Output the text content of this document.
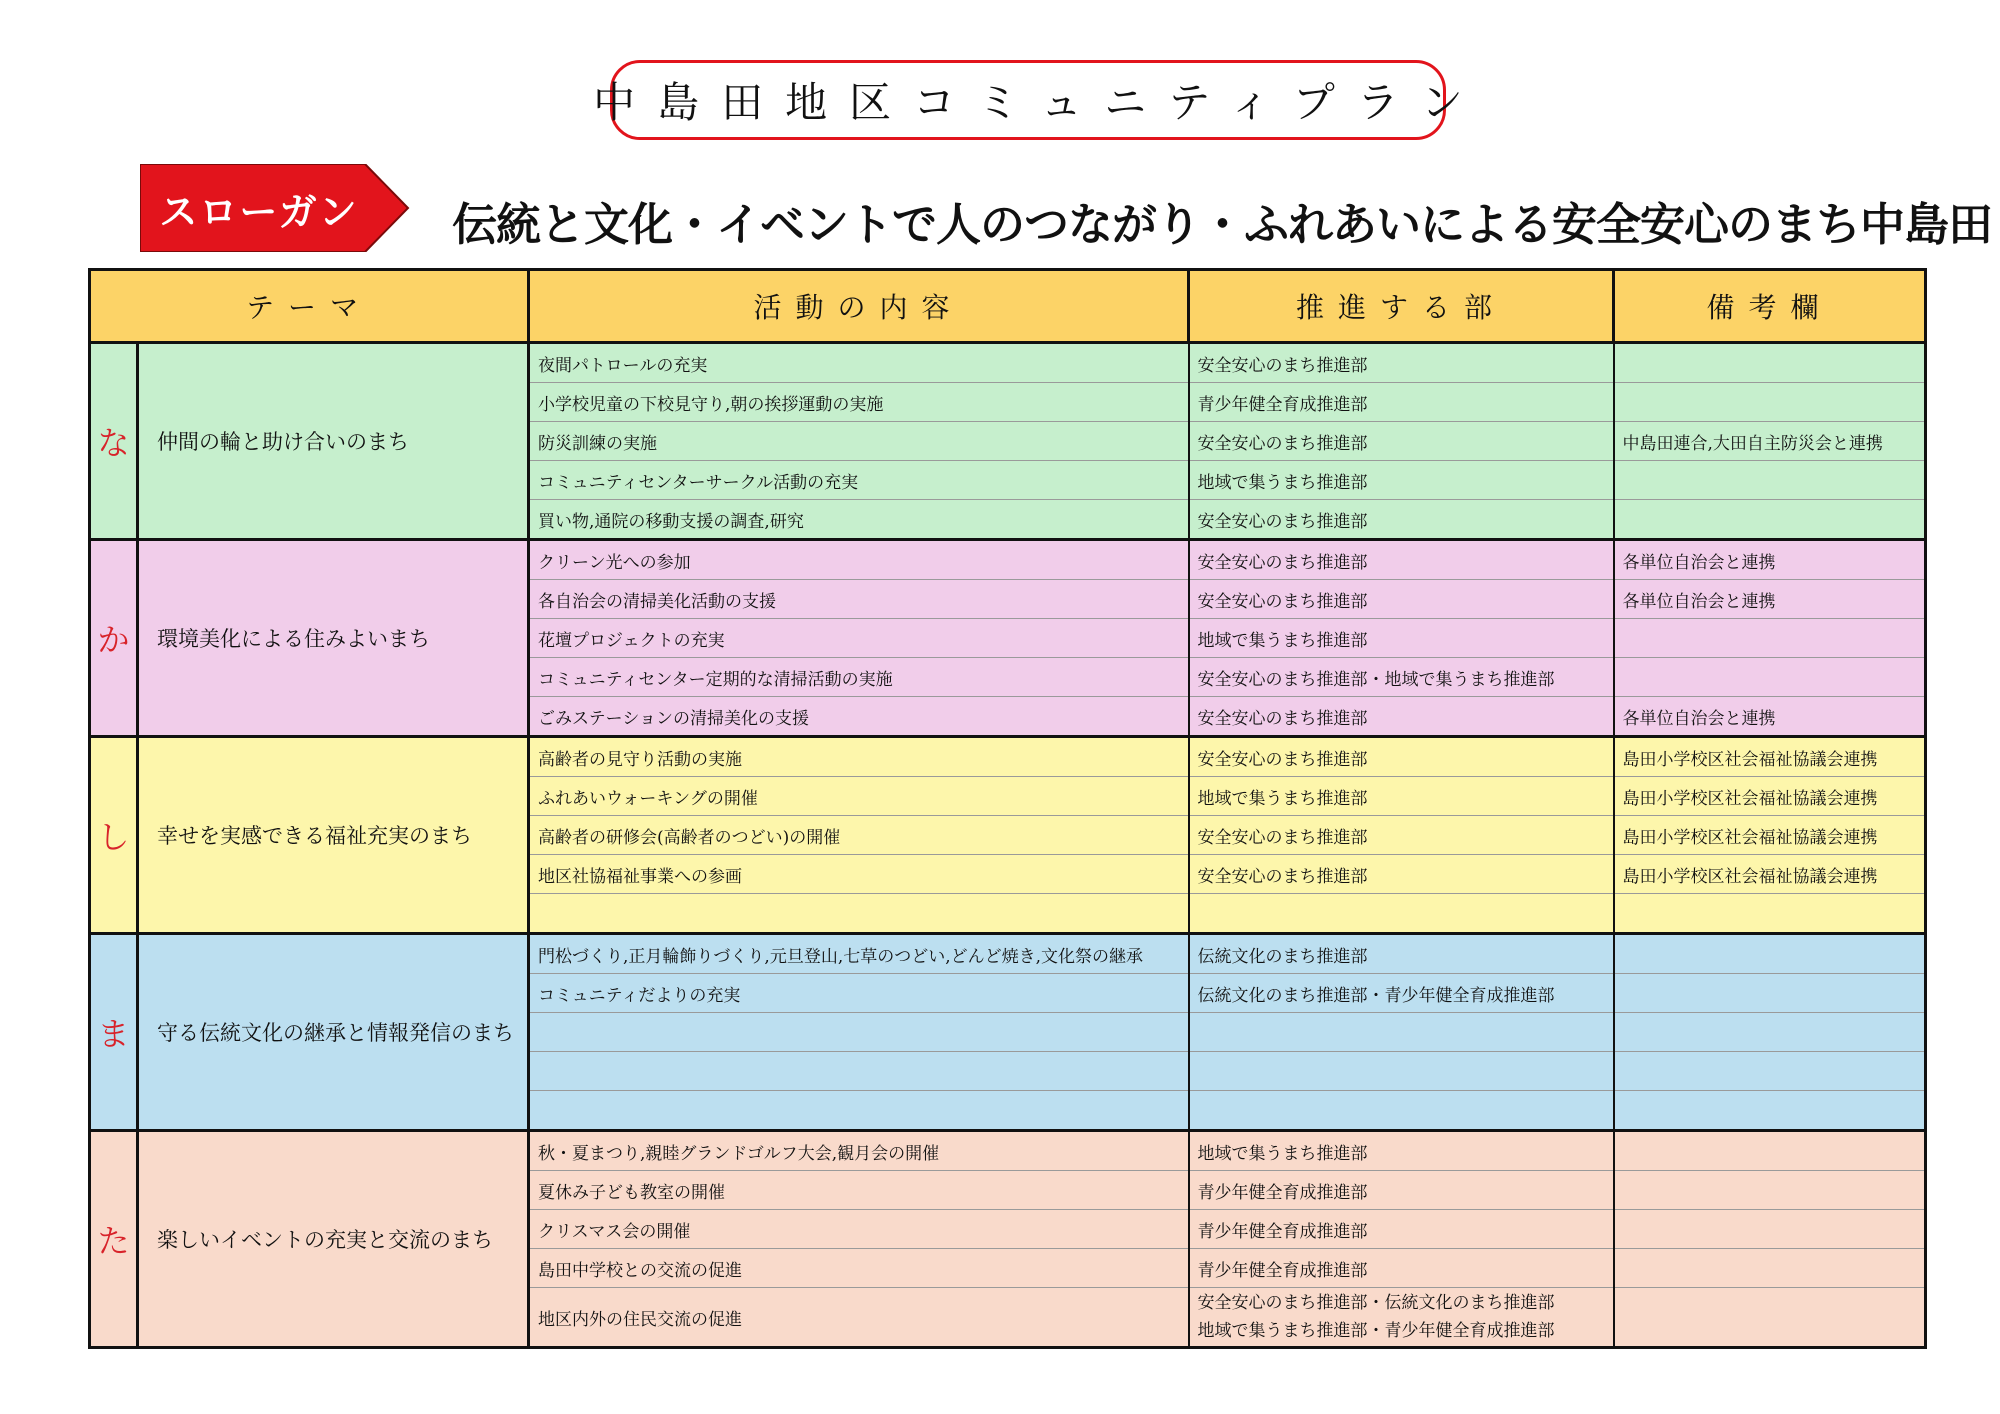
中島田地区コミュニティプラン
スローガン	伝統と文化・イベントで人のつながり・ふれあいによる安全安心のまち中島田
テーマ		活動の内容	推進する部	備考欄
な	仲間の輪と助け合いのまち	夜間パトロールの充実	安全安心のまち推進部	
		小学校児童の下校見守り,朝の挨拶運動の実施	青少年健全育成推進部	
		防災訓練の実施	安全安心のまち推進部	中島田連合,大田自主防災会と連携
		コミュニティセンターサークル活動の充実	地域で集うまち推進部	
		買い物,通院の移動支援の調査,研究	安全安心のまち推進部	
か	環境美化による住みよいまち	クリーン光への参加	安全安心のまち推進部	各単位自治会と連携
		各自治会の清掃美化活動の支援	安全安心のまち推進部	各単位自治会と連携
		花壇プロジェクトの充実	地域で集うまち推進部	
		コミュニティセンター定期的な清掃活動の実施	安全安心のまち推進部・地域で集うまち推進部	
		ごみステーションの清掃美化の支援	安全安心のまち推進部	各単位自治会と連携
し	幸せを実感できる福祉充実のまち	高齢者の見守り活動の実施	安全安心のまち推進部	島田小学校区社会福祉協議会連携
		ふれあいウォーキングの開催	地域で集うまち推進部	島田小学校区社会福祉協議会連携
		高齢者の研修会(高齢者のつどい)の開催	安全安心のまち推進部	島田小学校区社会福祉協議会連携
		地区社協福祉事業への参画	安全安心のまち推進部	島田小学校区社会福祉協議会連携

ま	守る伝統文化の継承と情報発信のまち	門松づくり,正月輪飾りづくり,元旦登山,七草のつどい,どんど焼き,文化祭の継承	伝統文化のまち推進部	
		コミュニティだよりの充実	伝統文化のまち推進部・青少年健全育成推進部	

た	楽しいイベントの充実と交流のまち	秋・夏まつり,親睦グランドゴルフ大会,観月会の開催	地域で集うまち推進部	
		夏休み子ども教室の開催	青少年健全育成推進部	
		クリスマス会の開催	青少年健全育成推進部	
		島田中学校との交流の促進	青少年健全育成推進部	
		地区内外の住民交流の促進	安全安心のまち推進部・伝統文化のまち推進部
地域で集うまち推進部・青少年健全育成推進部	
